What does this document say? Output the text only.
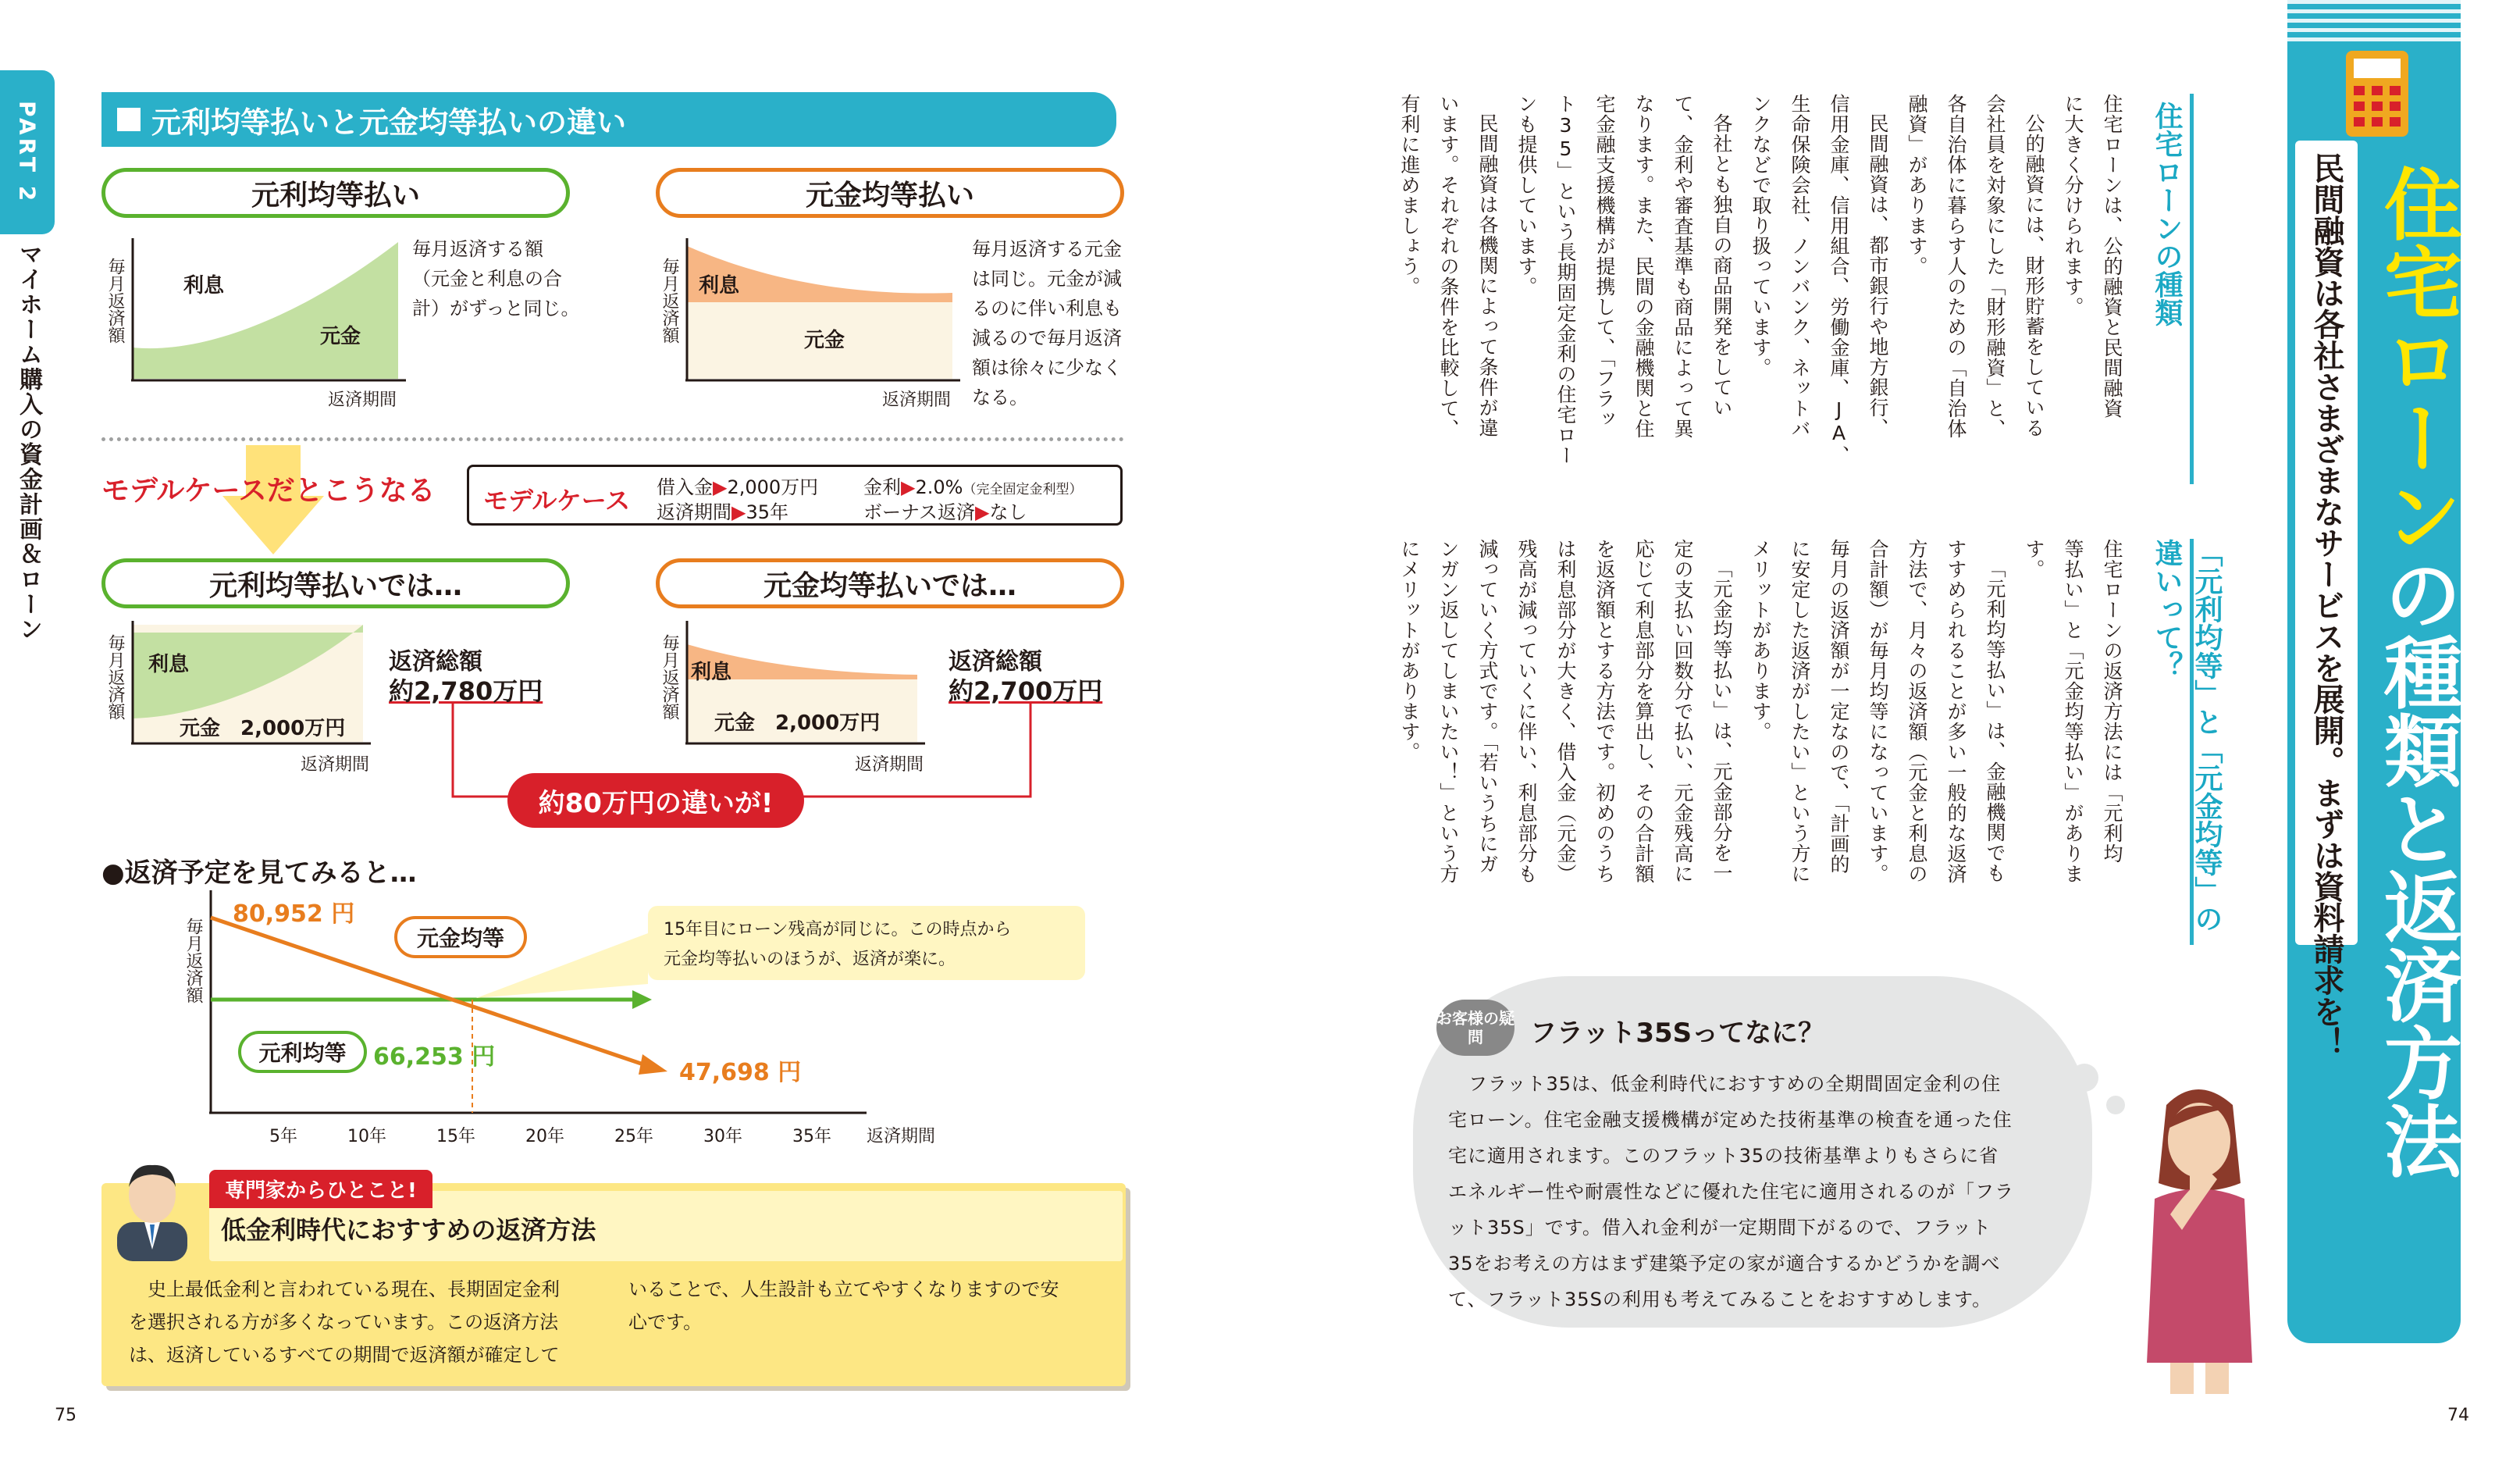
PART 2
マイホーム購入の資金計画＆ローン
元利均等払いと元金均等払いの違い
元利均等払い
毎月返済額
返済期間
利息
元金
毎月返済する額
（元金と利息の合
計）がずっと同じ。
元金均等払い
毎月返済額
返済期間
利息
元金
毎月返済する元金
は同じ。元金が減
るのに伴い利息も
減るので毎月返済
額は徐々に少なく
なる。
モデルケースだとこうなる モデルケース 借入金▶2,000万円
返済期間▶35年
金利▶2.0%（完全固定金利型）
ボーナス返済▶なし
元利均等払いでは…
毎月返済額
返済期間
利息
元金　2,000万円
返済総額
約2,780万円
元金均等払いでは…
毎月返済額
返済期間
利息
元金　2,000万円
返済総額
約2,700万円
約80万円の違いが!
●返済予定を見てみると…
毎月返済額
80,952 円
元金均等
元利均等 66,253 円
47,698 円
15年目にローン残高が同じに。この時点から
元金均等払いのほうが、返済が楽に。
5年	10年	15年	20年	25年	30年	35年 返済期間
専門家からひとこと!
低金利時代におすすめの返済方法
史上最低金利と言われている現在、長期固定金利
を選択される方が多くなっています。この返済方法
は、返済しているすべての期間で返済額が確定して
いることで、人生設計も立てやすくなりますので安
心です。
75
民間融資は各社さまざまなサービスを展開。まずは資料請求を！ 住宅ローンの種類と返済方法
住宅ローンの種類
住宅ローンは、公的融資と民間融資
に大きく分けられます。
公的融資には、財形貯蓄をしている
会社員を対象にした「財形融資」と、
各自治体に暮らす人のための「自治体
融資」があります。
民間融資は、都市銀行や地方銀行、
信用金庫、信用組合、労働金庫、JA、
生命保険会社、ノンバンク、ネットバ
ンクなどで取り扱っています。
各社とも独自の商品開発をしてい
て、金利や審査基準も商品によって異
なります。また、民間の金融機関と住
宅金融支援機構が提携して、「フラッ
ト35」という長期固定金利の住宅ロー
ンも提供しています。
民間融資は各機関によって条件が違
います。それぞれの条件を比較して、
有利に進めましょう。
「元利均等」と「元金均等」の違いって？
住宅ローンの返済方法には「元利均
等払い」と「元金均等払い」がありま
す。
「元利均等払い」は、金融機関でも
すすめられることが多い一般的な返済
方法で、月々の返済額（元金と利息の
合計額）が毎月均等になっています。
毎月の返済額が一定なので、「計画的
に安定した返済がしたい」という方に
メリットがあります。
「元金均等払い」は、元金部分を一
定の支払い回数分で払い、元金残高に
応じて利息部分を算出し、その合計額
を返済額とする方法です。初めのうち
は利息部分が大きく、借入金（元金）
残高が減っていくに伴い、利息部分も
減っていく方式です。「若いうちにガ
ンガン返してしまいたい！」という方
にメリットがあります。
お客様の疑問	フラット35Sってなに？
フラット35は、低金利時代におすすめの全期間固定金利の住
宅ローン。住宅金融支援機構が定めた技術基準の検査を通った住
宅に適用されます。このフラット35の技術基準よりもさらに省
エネルギー性や耐震性などに優れた住宅に適用されるのが「フラ
ット35S」です。借入れ金利が一定期間下がるので、フラット
35をお考えの方はまず建築予定の家が適合するかどうかを調べ
て、フラット35Sの利用も考えてみることをおすすめします。
74
